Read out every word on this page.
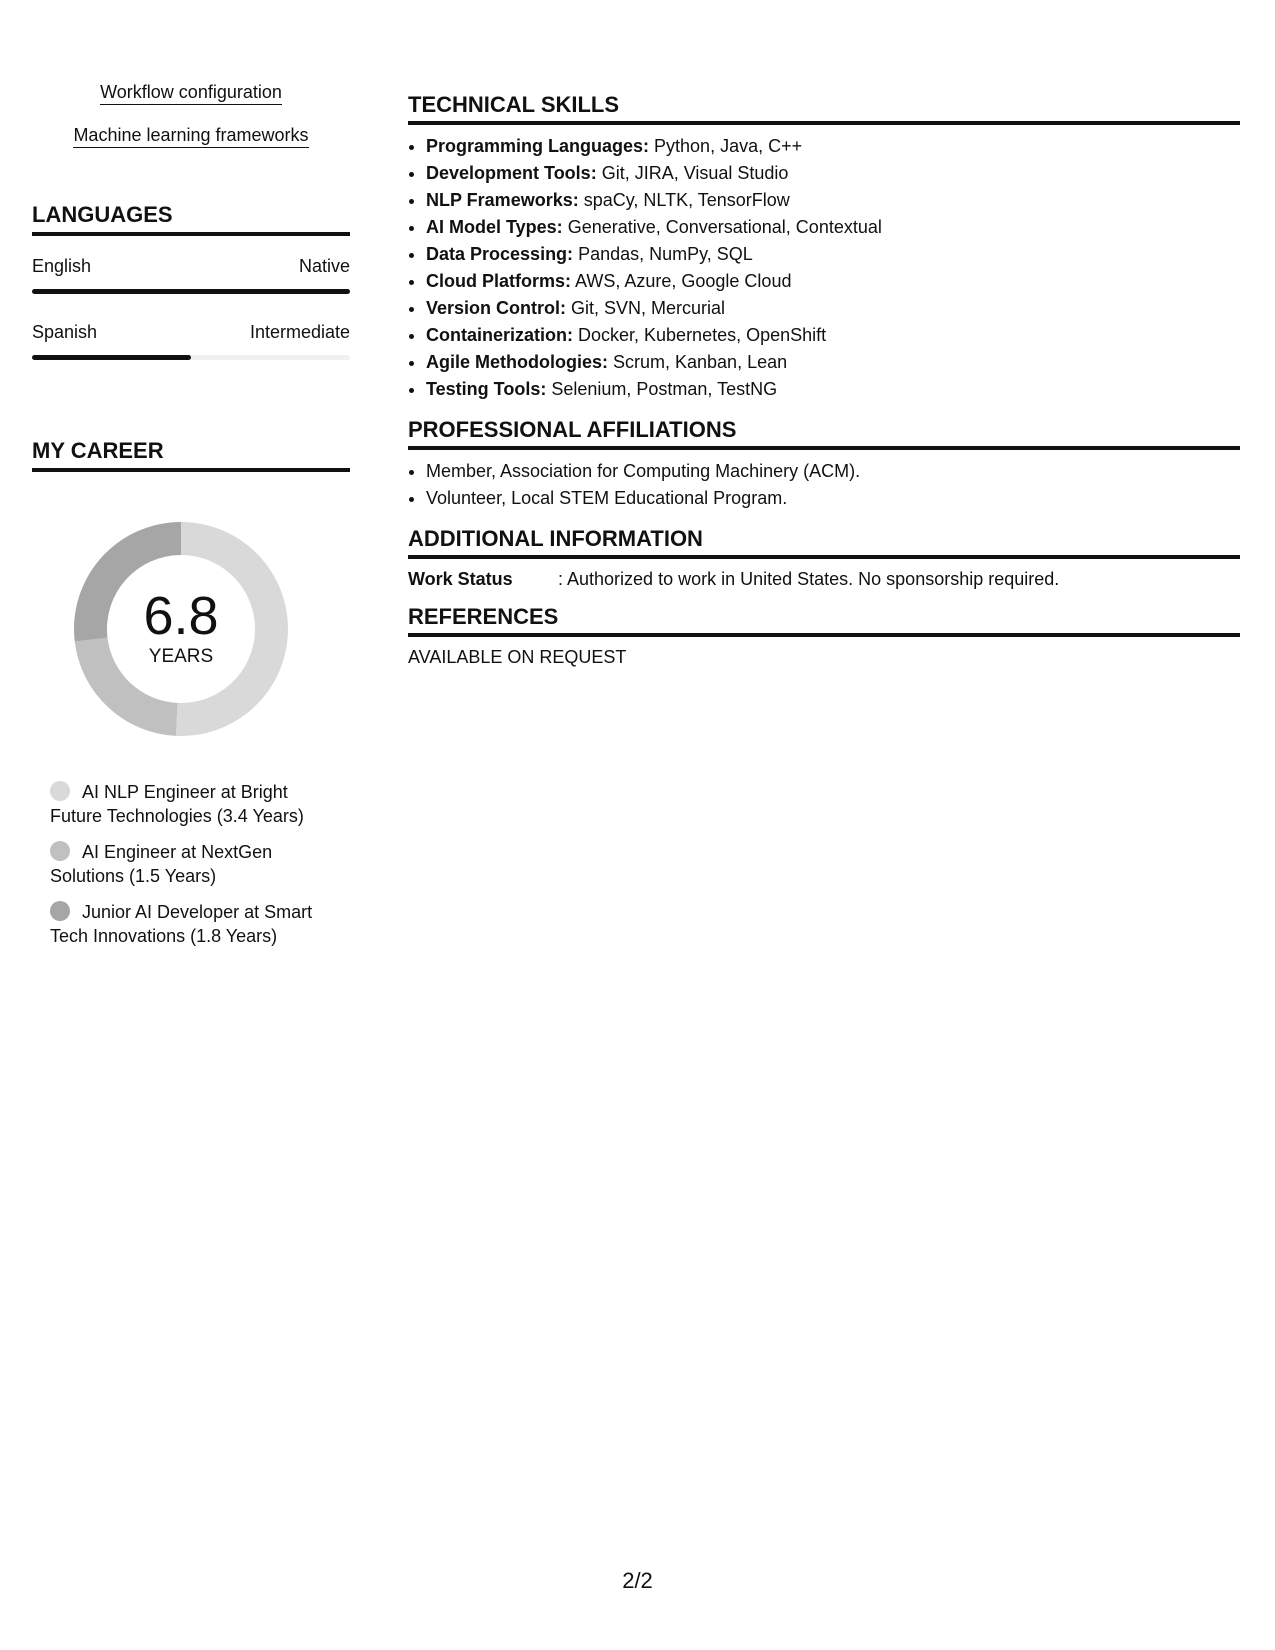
Workflow configuration
Machine learning frameworks
LANGUAGES
English	Native
Spanish	Intermediate
MY CAREER
6.8
YEARS
AI NLP Engineer at Bright Future Technologies (3.4 Years)
AI Engineer at NextGen Solutions (1.5 Years)
Junior AI Developer at Smart Tech Innovations (1.8 Years)
TECHNICAL SKILLS
• Programming Languages: Python, Java, C++
• Development Tools: Git, JIRA, Visual Studio
• NLP Frameworks: spaCy, NLTK, TensorFlow
• AI Model Types: Generative, Conversational, Contextual
• Data Processing: Pandas, NumPy, SQL
• Cloud Platforms: AWS, Azure, Google Cloud
• Version Control: Git, SVN, Mercurial
• Containerization: Docker, Kubernetes, OpenShift
• Agile Methodologies: Scrum, Kanban, Lean
• Testing Tools: Selenium, Postman, TestNG
PROFESSIONAL AFFILIATIONS
• Member, Association for Computing Machinery (ACM).
• Volunteer, Local STEM Educational Program.
ADDITIONAL INFORMATION
Work Status	: Authorized to work in United States. No sponsorship required.
REFERENCES
AVAILABLE ON REQUEST
2/2
